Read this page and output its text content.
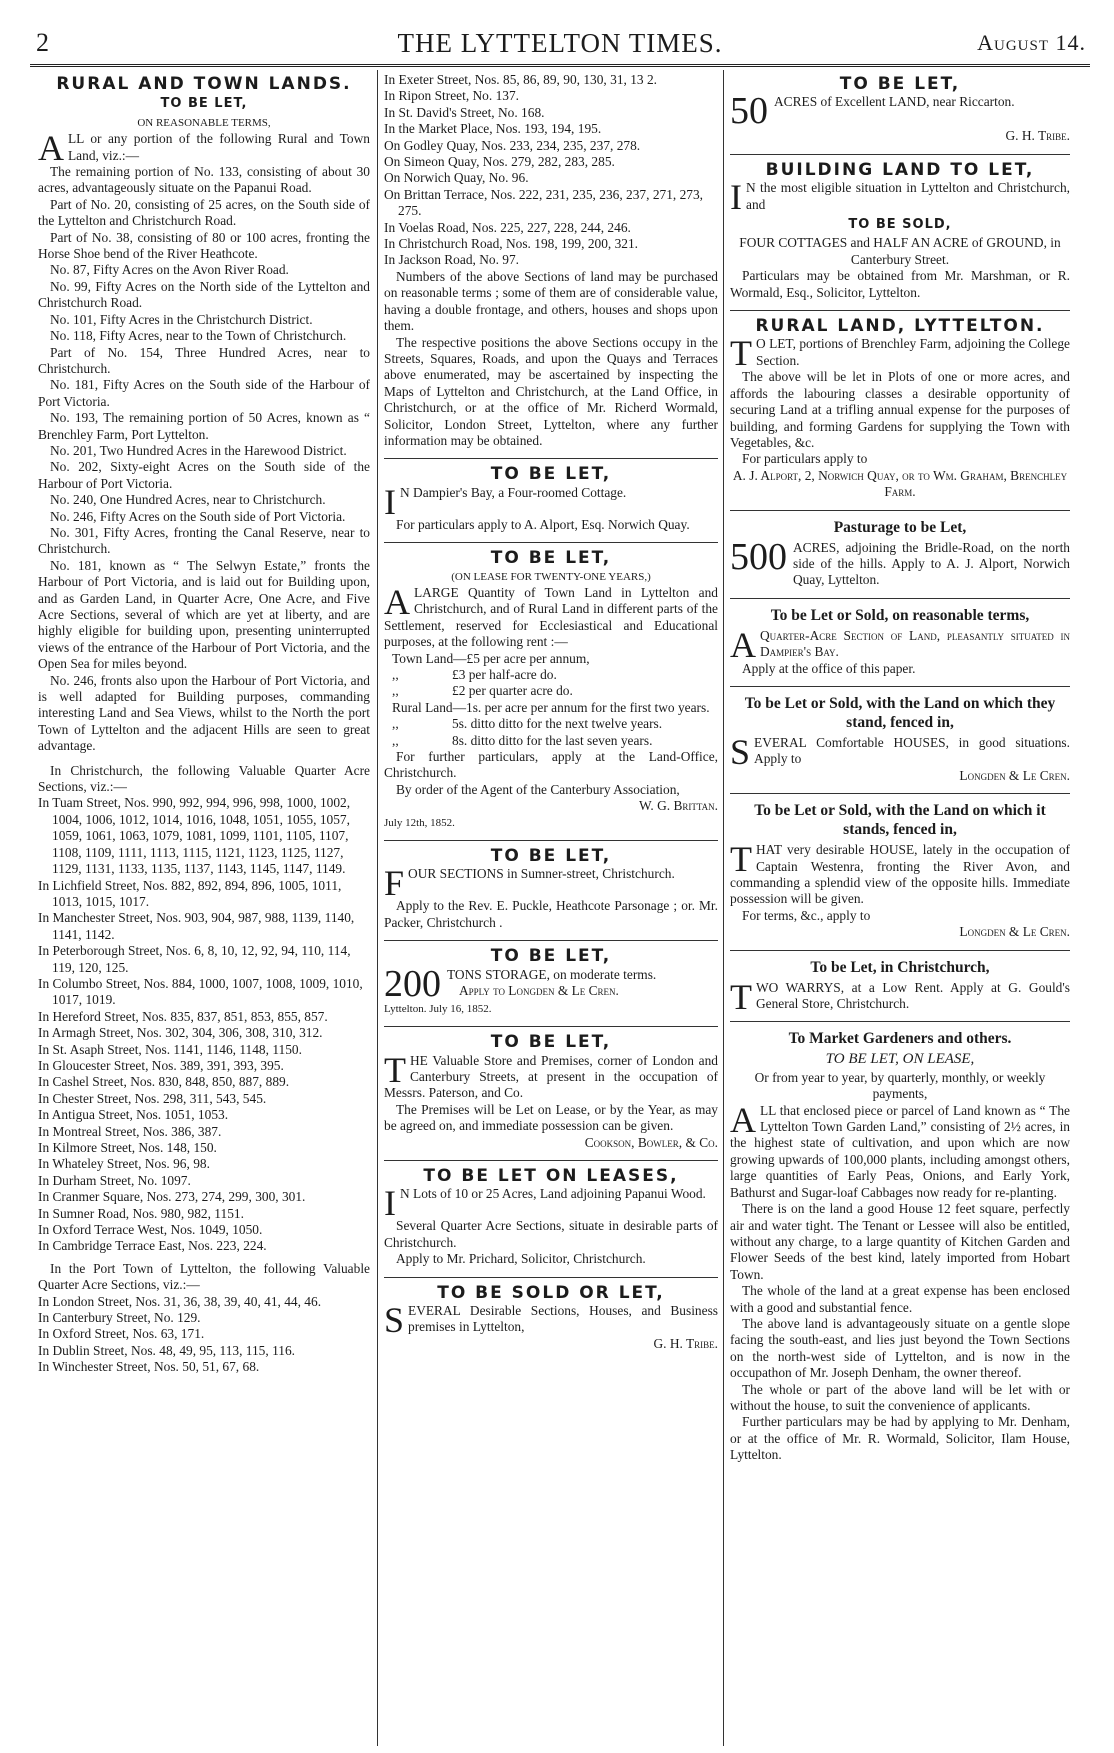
2	THE LYTTELTON TIMES.	August 14.
RURAL AND TOWN LANDS.
TO BE LET,
ON REASONABLE TERMS,

ALL or any portion of the following Rural and Town Land, viz.:—

The remaining portion of No. 133, consisting of about 30 acres, advantageously situate on the Papanui Road.

Part of No. 20, consisting of 25 acres, on the South side of the Lyttelton and Christchurch Road.

Part of No. 38, consisting of 80 or 100 acres, fronting the Horse Shoe bend of the River Heathcote.

No. 87, Fifty Acres on the Avon River Road.

No. 99, Fifty Acres on the North side of the Lyttelton and Christchurch Road.

No. 101, Fifty Acres in the Christchurch District.

No. 118, Fifty Acres, near to the Town of Christchurch.

Part of No. 154, Three Hundred Acres, near to Christchurch.

No. 181, Fifty Acres on the South side of the Harbour of Port Victoria.

No. 193, The remaining portion of 50 Acres, known as “ Brenchley Farm, Port Lyttelton.

No. 201, Two Hundred Acres in the Harewood District.

No. 202, Sixty-eight Acres on the South side of the Harbour of Port Victoria.

No. 240, One Hundred Acres, near to Christchurch.

No. 246, Fifty Acres on the South side of Port Victoria.

No. 301, Fifty Acres, fronting the Canal Reserve, near to Christchurch.

No. 181, known as “ The Selwyn Estate,” fronts the Harbour of Port Victoria, and is laid out for Building upon, and as Garden Land, in Quarter Acre, One Acre, and Five Acre Sections, several of which are yet at liberty, and are highly eligible for building upon, presenting uninterrupted views of the entrance of the Harbour of Port Victoria, and the Open Sea for miles beyond.

No. 246, fronts also upon the Harbour of Port Victoria, and is well adapted for Building purposes, commanding interesting Land and Sea Views, whilst to the North the port Town of Lyttelton and the adjacent Hills are seen to great advantage.

In Christchurch, the following Valuable Quarter Acre Sections, viz.:—

In Tuam Street, Nos. 990, 992, 994, 996, 998, 1000, 1002, 1004, 1006, 1012, 1014, 1016, 1048, 1051, 1055, 1057, 1059, 1061, 1063, 1079, 1081, 1099, 1101, 1105, 1107, 1108, 1109, 1111, 1113, 1115, 1121, 1123, 1125, 1127, 1129, 1131, 1133, 1135, 1137, 1143, 1145, 1147, 1149.

In Lichfield Street, Nos. 882, 892, 894, 896, 1005, 1011, 1013, 1015, 1017.

In Manchester Street, Nos. 903, 904, 987, 988, 1139, 1140, 1141, 1142.

In Peterborough Street, Nos. 6, 8, 10, 12, 92, 94, 110, 114, 119, 120, 125.

In Columbo Street, Nos. 884, 1000, 1007, 1008, 1009, 1010, 1017, 1019.

In Hereford Street, Nos. 835, 837, 851, 853, 855, 857.

In Armagh Street, Nos. 302, 304, 306, 308, 310, 312.

In St. Asaph Street, Nos. 1141, 1146, 1148, 1150.

In Gloucester Street, Nos. 389, 391, 393, 395.

In Cashel Street, Nos. 830, 848, 850, 887, 889.

In Chester Street, Nos. 298, 311, 543, 545.

In Antigua Street, Nos. 1051, 1053.

In Montreal Street, Nos. 386, 387.

In Kilmore Street, Nos. 148, 150.

In Whateley Street, Nos. 96, 98.

In Durham Street, No. 1097.

In Cranmer Square, Nos. 273, 274, 299, 300, 301.

In Sumner Road, Nos. 980, 982, 1151.

In Oxford Terrace West, Nos. 1049, 1050.

In Cambridge Terrace East, Nos. 223, 224.

In the Port Town of Lyttelton, the following Valuable Quarter Acre Sections, viz.:—

In London Street, Nos. 31, 36, 38, 39, 40, 41, 44, 46.

In Canterbury Street, No. 129.

In Oxford Street, Nos. 63, 171.

In Dublin Street, Nos. 48, 49, 95, 113, 115, 116.

In Winchester Street, Nos. 50, 51, 67, 68.

In Exeter Street, Nos. 85, 86, 89, 90, 130, 31, 13 2.

In Ripon Street, No. 137.

In St. David's Street, No. 168.

In the Market Place, Nos. 193, 194, 195.

On Godley Quay, Nos. 233, 234, 235, 237, 278.

On Simeon Quay, Nos. 279, 282, 283, 285.

On Norwich Quay, No. 96.

On Brittan Terrace, Nos. 222, 231, 235, 236, 237, 271, 273, 275.

In Voelas Road, Nos. 225, 227, 228, 244, 246.

In Christchurch Road, Nos. 198, 199, 200, 321.

In Jackson Road, No. 97.

Numbers of the above Sections of land may be purchased on reasonable terms ; some of them are of considerable value, having a double frontage, and others, houses and shops upon them.

The respective positions the above Sections occupy in the Streets, Squares, Roads, and upon the Quays and Terraces above enumerated, may be ascertained by inspecting the Maps of Lyttelton and Christchurch, at the Land Office, in Christchurch, or at the office of Mr. Richerd Wormald, Solicitor, London Street, Lyttelton, where any further information may be obtained.

TO BE LET,

I N Dampier's Bay, a Four-roomed Cottage.

For particulars apply to A. Alport, Esq. Norwich Quay.

TO BE LET,
(ON LEASE FOR TWENTY-ONE YEARS,)

ALARGE Quantity of Town Land in Lyttelton and Christchurch, and of Rural Land in different parts of the Settlement, reserved for Ecclesiastical and Educational purposes, at the following rent :—

Town Land—£5 per acre per annum,

,,	£3 per half-acre do.

,,	£2 per quarter acre do.

Rural Land—1s. per acre per annum for the first two years.

,,	5s. ditto ditto for the next twelve years.

,,	8s. ditto ditto for the last seven years.

For further particulars, apply at the Land-Office, Christchurch.

By order of the Agent of the Canterbury Association,

W. G. Brittan.

July 12th, 1852.

TO BE LET,

FOUR SECTIONS in Sumner-street, Christchurch.

Apply to the Rev. E. Puckle, Heathcote Parsonage ; or. Mr. Packer, Christchurch .

TO BE LET,

200 TONS STORAGE, on moderate terms.

Apply to Longden & Le Cren.

Lyttelton. July 16, 1852.

TO BE LET,

THE Valuable Store and Premises, corner of London and Canterbury Streets, at present in the occupation of Messrs. Paterson, and Co.

The Premises will be Let on Lease, or by the Year, as may be agreed on, and immediate possession can be given.

Cookson, Bowler, & Co.

TO BE LET ON LEASES,

I N Lots of 10 or 25 Acres, Land adjoining Papanui Wood.

Several Quarter Acre Sections, situate in desirable parts of Christchurch.

Apply to Mr. Prichard, Solicitor, Christchurch.

TO BE SOLD OR LET,

SEVERAL Desirable Sections, Houses, and Business premises in Lyttelton,

G. H. Tribe.

TO BE LET,

50 ACRES of Excellent LAND, near Riccarton.

G. H. Tribe.

BUILDING LAND TO LET,

I N the most eligible situation in Lyttelton and Christchurch, and

TO BE SOLD,

FOUR COTTAGES and HALF AN ACRE of GROUND, in Canterbury Street.

Particulars may be obtained from Mr. Marshman, or R. Wormald, Esq., Solicitor, Lyttelton.

RURAL LAND, LYTTELTON.

T O LET, portions of Brenchley Farm, adjoining the College Section.

The above will be let in Plots of one or more acres, and affords the labouring classes a desirable opportunity of securing Land at a trifling annual expense for the purposes of building, and forming Gardens for supplying the Town with Vegetables, &c.

For particulars apply to

A. J. Alport, 2, Norwich Quay, or to Wm. Graham, Brenchley Farm.

Pasturage to be Let,

500 ACRES, adjoining the Bridle-Road, on the north side of the hills. Apply to A. J. Alport, Norwich Quay, Lyttelton.

To be Let or Sold, on reasonable terms,

A Quarter-Acre Section of Land, pleasantly situated in Dampier's Bay.

Apply at the office of this paper.

To be Let or Sold, with the Land on which they stand, fenced in,

SEVERAL Comfortable HOUSES, in good situations. Apply to

Longden & Le Cren.

To be Let or Sold, with the Land on which it stands, fenced in,

THAT very desirable HOUSE, lately in the occupation of Captain Westenra, fronting the River Avon, and commanding a splendid view of the opposite hills. Immediate possession will be given.

For terms, &c., apply to

Longden & Le Cren.

To be Let, in Christchurch,

TWO WARRYS, at a Low Rent. Apply at G. Gould's General Store, Christchurch.

To Market Gardeners and others.
TO BE LET, ON LEASE,

Or from year to year, by quarterly, monthly, or weekly payments,

ALL that enclosed piece or parcel of Land known as “ The Lyttelton Town Garden Land,” consisting of 2½ acres, in the highest state of cultivation, and upon which are now growing upwards of 100,000 plants, including amongst others, large quantities of Early Peas, Onions, and Early York, Bathurst and Sugar-loaf Cabbages now ready for re-planting.

There is on the land a good House 12 feet square, perfectly air and water tight. The Tenant or Lessee will also be entitled, without any charge, to a large quantity of Kitchen Garden and Flower Seeds of the best kind, lately imported from Hobart Town.

The whole of the land at a great expense has been enclosed with a good and substantial fence.

The above land is advantageously situate on a gentle slope facing the south-east, and lies just beyond the Town Sections on the north-west side of Lyttelton, and is now in the occupathon of Mr. Joseph Denham, the owner thereof.

The whole or part of the above land will be let with or without the house, to suit the convenience of applicants.

Further particulars may be had by applying to Mr. Denham, or at the office of Mr. R. Wormald, Solicitor, Ilam House, Lyttelton.
